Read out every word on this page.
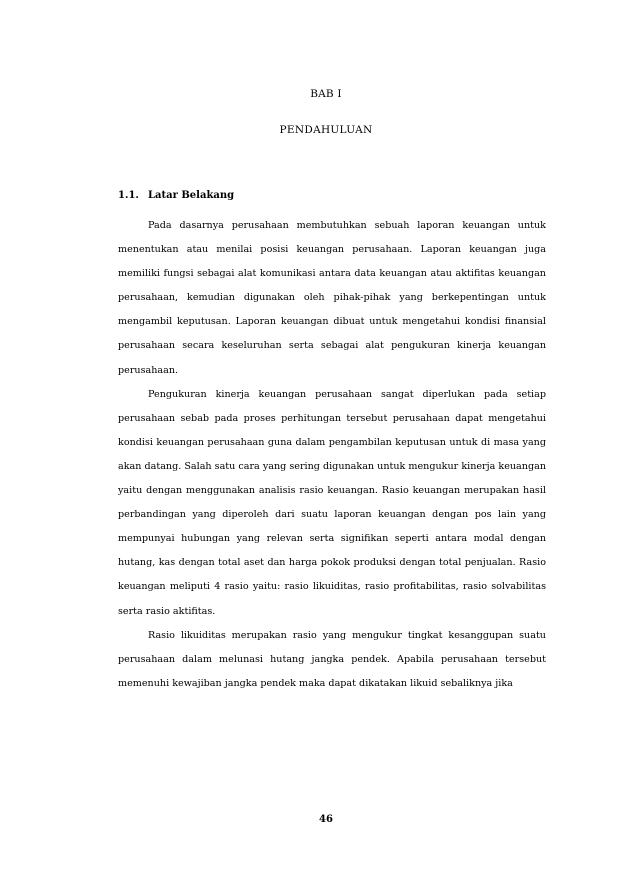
BAB I
PENDAHULUAN
1.1. Latar Belakang

Pada dasarnya perusahaan membutuhkan sebuah laporan keuangan untuk menentukan atau menilai posisi keuangan perusahaan. Laporan keuangan juga memiliki fungsi sebagai alat komunikasi antara data keuangan atau aktifitas keuangan perusahaan, kemudian digunakan oleh pihak-pihak yang berkepentingan untuk mengambil keputusan. Laporan keuangan dibuat untuk mengetahui kondisi finansial perusahaan secara keseluruhan serta sebagai alat pengukuran kinerja keuangan perusahaan.

Pengukuran kinerja keuangan perusahaan sangat diperlukan pada setiap perusahaan sebab pada proses perhitungan tersebut perusahaan dapat mengetahui kondisi keuangan perusahaan guna dalam pengambilan keputusan untuk di masa yang akan datang. Salah satu cara yang sering digunakan untuk mengukur kinerja keuangan yaitu dengan menggunakan analisis rasio keuangan. Rasio keuangan merupakan hasil perbandingan yang diperoleh dari suatu laporan keuangan dengan pos lain yang mempunyai hubungan yang relevan serta signifikan seperti antara modal dengan hutang, kas dengan total aset dan harga pokok produksi dengan total penjualan. Rasio keuangan meliputi 4 rasio yaitu: rasio likuiditas, rasio profitabilitas, rasio solvabilitas serta rasio aktifitas.

Rasio likuiditas merupakan rasio yang mengukur tingkat kesanggupan suatu perusahaan dalam melunasi hutang jangka pendek. Apabila perusahaan tersebut memenuhi kewajiban jangka pendek maka dapat dikatakan likuid sebaliknya jika

46
